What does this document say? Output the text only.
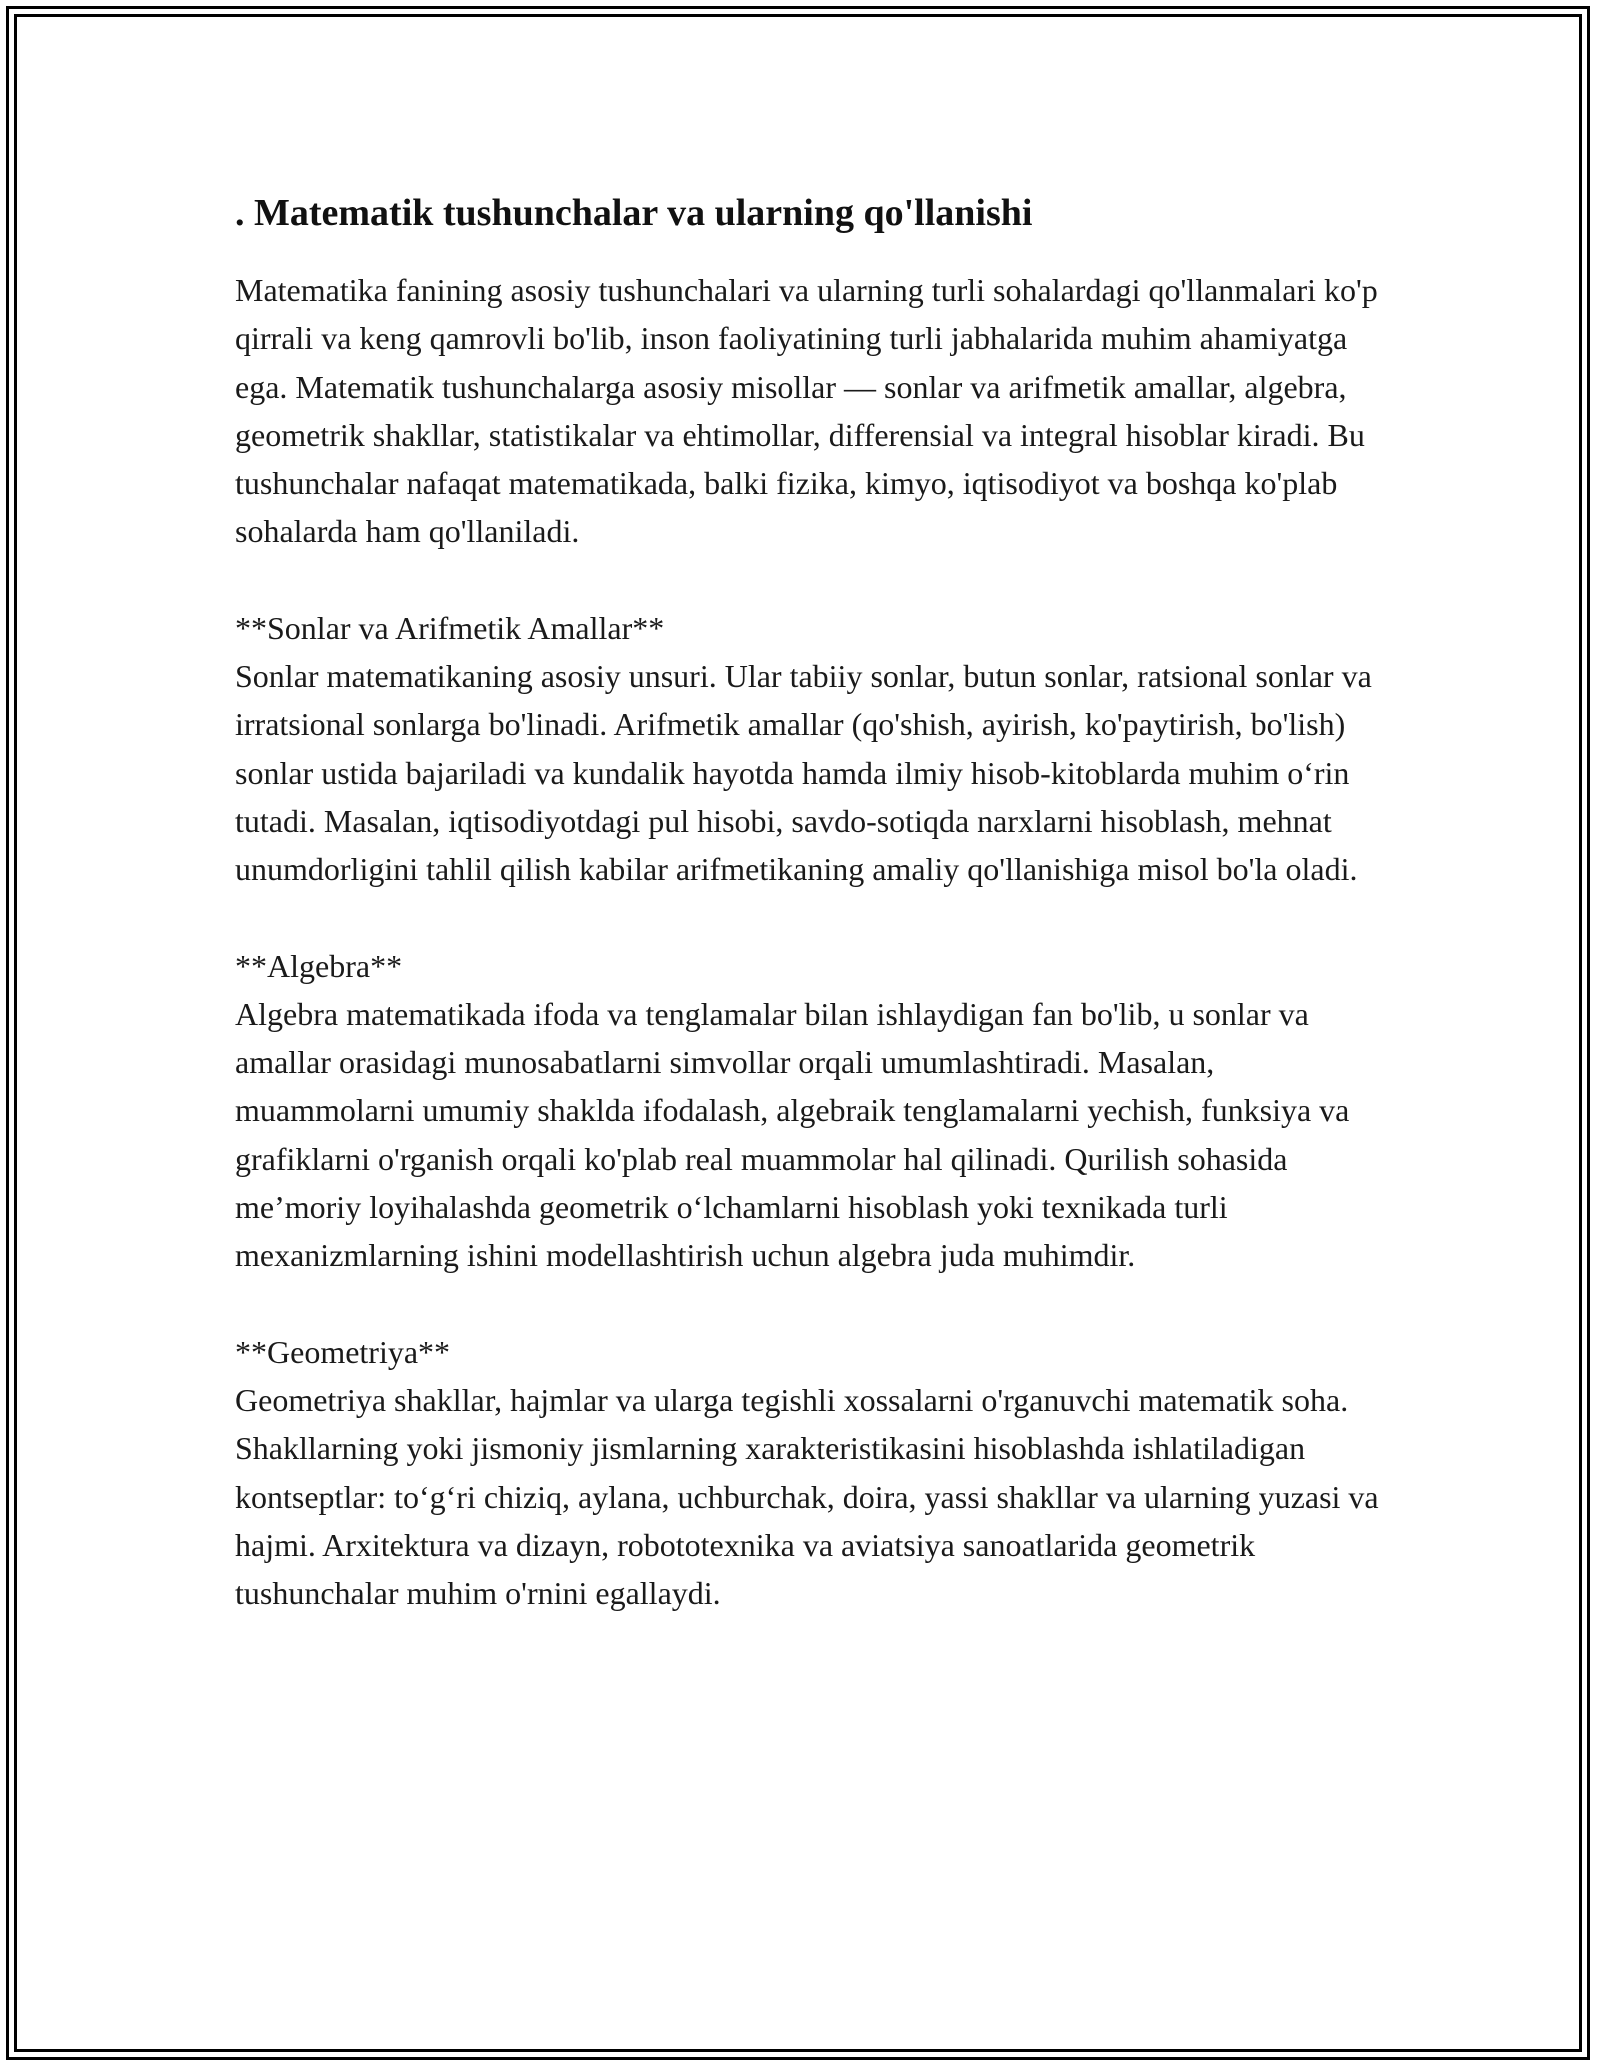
. Matematik tushunchalar va ularning qo'llanishi

Matematika fanining asosiy tushunchalari va ularning turli sohalardagi qo'llanmalari ko'p qirrali va keng qamrovli bo'lib, inson faoliyatining turli jabhalarida muhim ahamiyatga ega. Matematik tushunchalarga asosiy misollar — sonlar va arifmetik amallar, algebra, geometrik shakllar, statistikalar va ehtimollar, differensial va integral hisoblar kiradi. Bu tushunchalar nafaqat matematikada, balki fizika, kimyo, iqtisodiyot va boshqa ko'plab sohalarda ham qo'llaniladi.

**Sonlar va Arifmetik Amallar**
Sonlar matematikaning asosiy unsuri. Ular tabiiy sonlar, butun sonlar, ratsional sonlar va irratsional sonlarga bo'linadi. Arifmetik amallar (qo'shish, ayirish, ko'paytirish, bo'lish) sonlar ustida bajariladi va kundalik hayotda hamda ilmiy hisob-kitoblarda muhim o‘rin tutadi. Masalan, iqtisodiyotdagi pul hisobi, savdo-sotiqda narxlarni hisoblash, mehnat unumdorligini tahlil qilish kabilar arifmetikaning amaliy qo'llanishiga misol bo'la oladi.

**Algebra**
Algebra matematikada ifoda va tenglamalar bilan ishlaydigan fan bo'lib, u sonlar va amallar orasidagi munosabatlarni simvollar orqali umumlashtiradi. Masalan, muammolarni umumiy shaklda ifodalash, algebraik tenglamalarni yechish, funksiya va grafiklarni o'rganish orqali ko'plab real muammolar hal qilinadi. Qurilish sohasida me’moriy loyihalashda geometrik o‘lchamlarni hisoblash yoki texnikada turli mexanizmlarning ishini modellashtirish uchun algebra juda muhimdir.

**Geometriya**
Geometriya shakllar, hajmlar va ularga tegishli xossalarni o'rganuvchi matematik soha. Shakllarning yoki jismoniy jismlarning xarakteristikasini hisoblashda ishlatiladigan kontseptlar: to‘g‘ri chiziq, aylana, uchburchak, doira, yassi shakllar va ularning yuzasi va hajmi. Arxitektura va dizayn, robototexnika va aviatsiya sanoatlarida geometrik tushunchalar muhim o'rnini egallaydi.
